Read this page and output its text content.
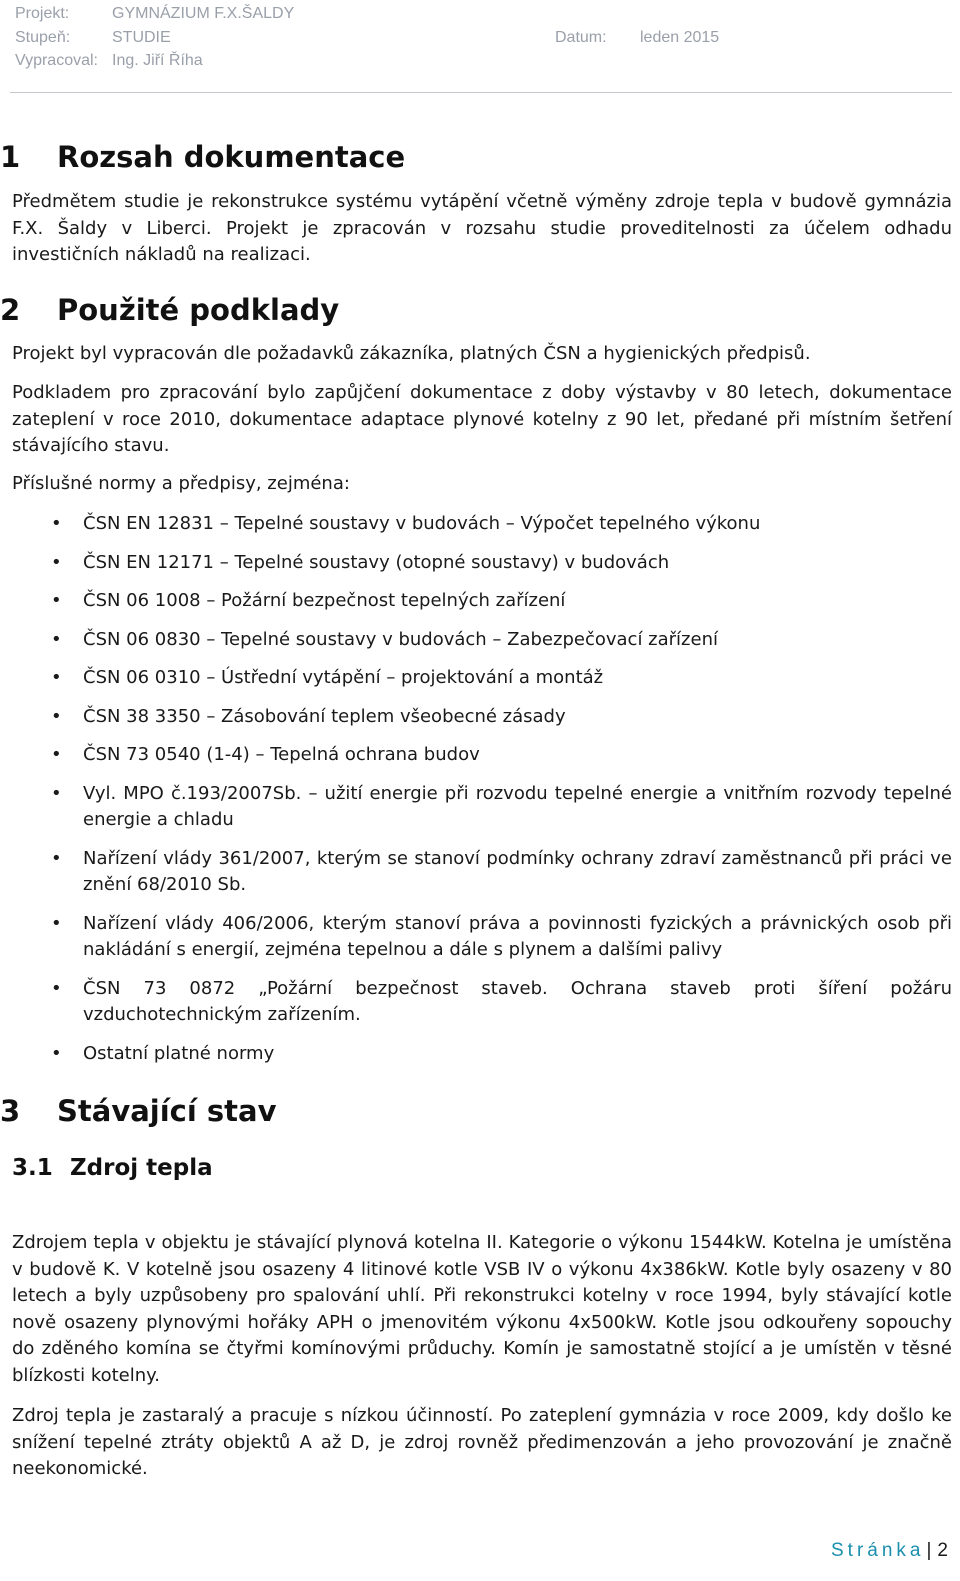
Projekt:	GYMNÁZIUM F.X.ŠALDY
Stupeň:	STUDIE	Datum: leden 2015
Vypracoval: Ing. Jiří Říha
1 Rozsah dokumentace

Předmětem studie je rekonstrukce systému vytápění včetně výměny zdroje tepla v budově gymnázia F.X. Šaldy v Liberci. Projekt je zpracován v rozsahu studie proveditelnosti za účelem odhadu investičních nákladů na realizaci.

2 Použité podklady

Projekt byl vypracován dle požadavků zákazníka, platných ČSN a hygienických předpisů.

Podkladem pro zpracování bylo zapůjčení dokumentace z doby výstavby v 80 letech, dokumentace zateplení v roce 2010, dokumentace adaptace plynové kotelny z 90 let, předané při místním šetření stávajícího stavu.

Příslušné normy a předpisy, zejména:

• ČSN EN 12831 – Tepelné soustavy v budovách – Výpočet tepelného výkonu
• ČSN EN 12171 – Tepelné soustavy (otopné soustavy) v budovách
• ČSN 06 1008 – Požární bezpečnost tepelných zařízení
• ČSN 06 0830 – Tepelné soustavy v budovách – Zabezpečovací zařízení
• ČSN 06 0310 – Ústřední vytápění – projektování a montáž
• ČSN 38 3350 – Zásobování teplem všeobecné zásady
• ČSN 73 0540 (1-4) – Tepelná ochrana budov
• Vyl. MPO č.193/2007Sb. – užití energie při rozvodu tepelné energie a vnitřním rozvody tepelné energie a chladu
• Nařízení vlády 361/2007, kterým se stanoví podmínky ochrany zdraví zaměstnanců při práci ve znění 68/2010 Sb.
• Nařízení vlády 406/2006, kterým stanoví práva a povinnosti fyzických a právnických osob při nakládání s energií, zejména tepelnou a dále s plynem a dalšími palivy
• ČSN 73 0872 „Požární bezpečnost staveb. Ochrana staveb proti šíření požáru vzduchotechnickým zařízením.
• Ostatní platné normy
3 Stávající stav
3.1 Zdroj tepla

Zdrojem tepla v objektu je stávající plynová kotelna II. Kategorie o výkonu 1544kW. Kotelna je umístěna v budově K. V kotelně jsou osazeny 4 litinové kotle VSB IV o výkonu 4x386kW. Kotle byly osazeny v 80 letech a byly uzpůsobeny pro spalování uhlí. Při rekonstrukci kotelny v roce 1994, byly stávající kotle nově osazeny plynovými hořáky APH o jmenovitém výkonu 4x500kW. Kotle jsou odkouřeny sopouchy do zděného komína se čtyřmi komínovými průduchy. Komín je samostatně stojící a je umístěn v těsné blízkosti kotelny.

Zdroj tepla je zastaralý a pracuje s nízkou účinností. Po zateplení gymnázia v roce 2009, kdy došlo ke snížení tepelné ztráty objektů A až D, je zdroj rovněž předimenzován a jeho provozování je značně neekonomické.

Stránka | 2
